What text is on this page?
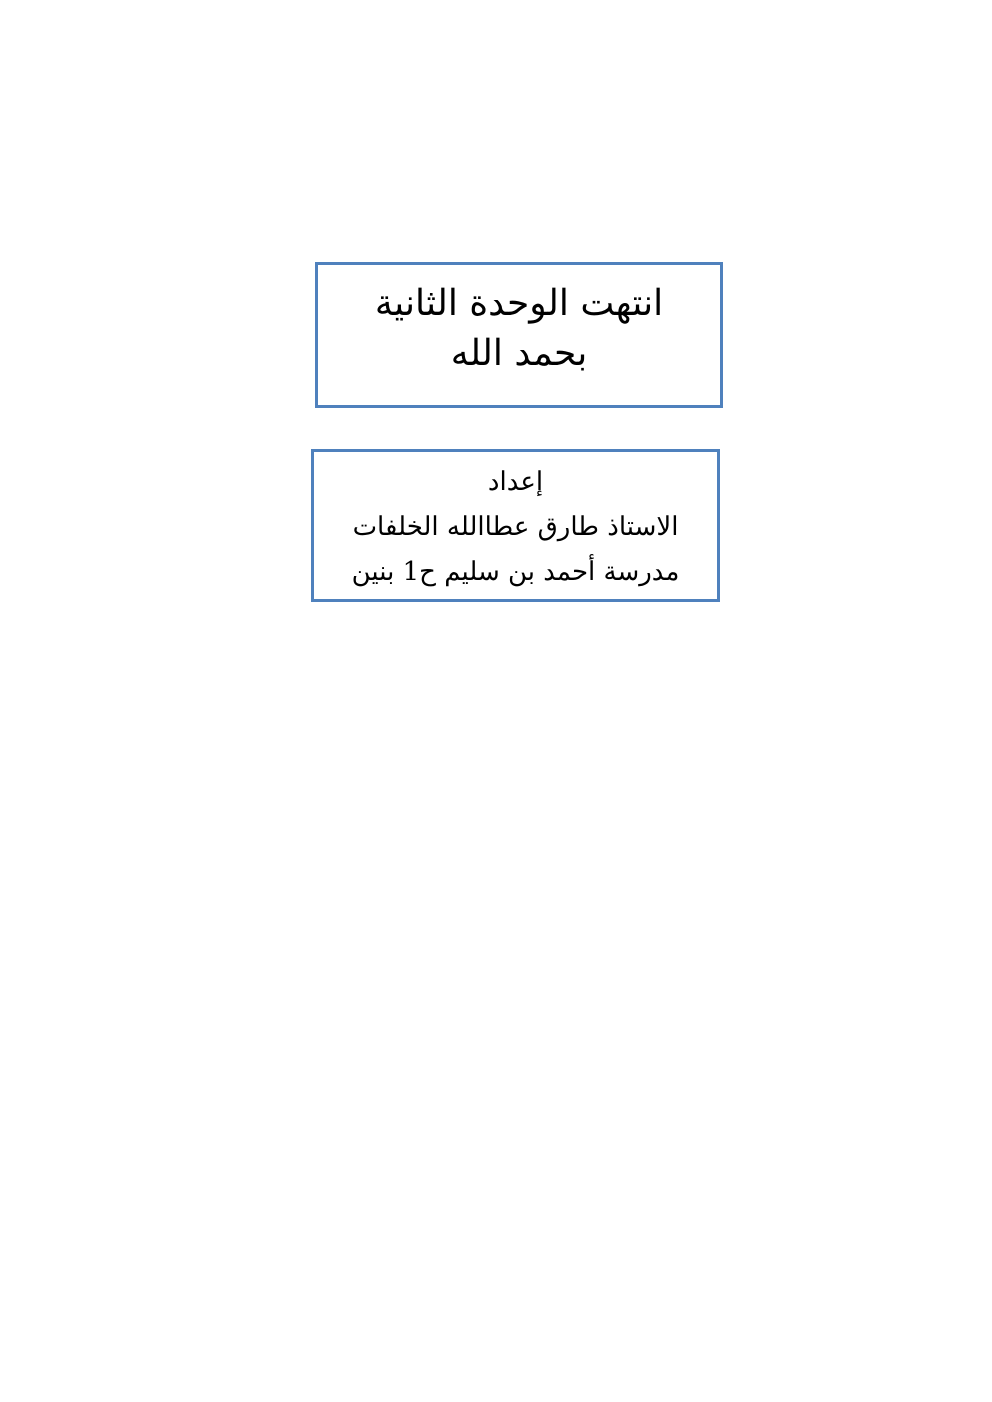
انتهت الوحدة الثانية
بحمد الله
إعداد
الاستاذ طارق عطاالله الخلفات
مدرسة أحمد بن سليم ح1 بنين
